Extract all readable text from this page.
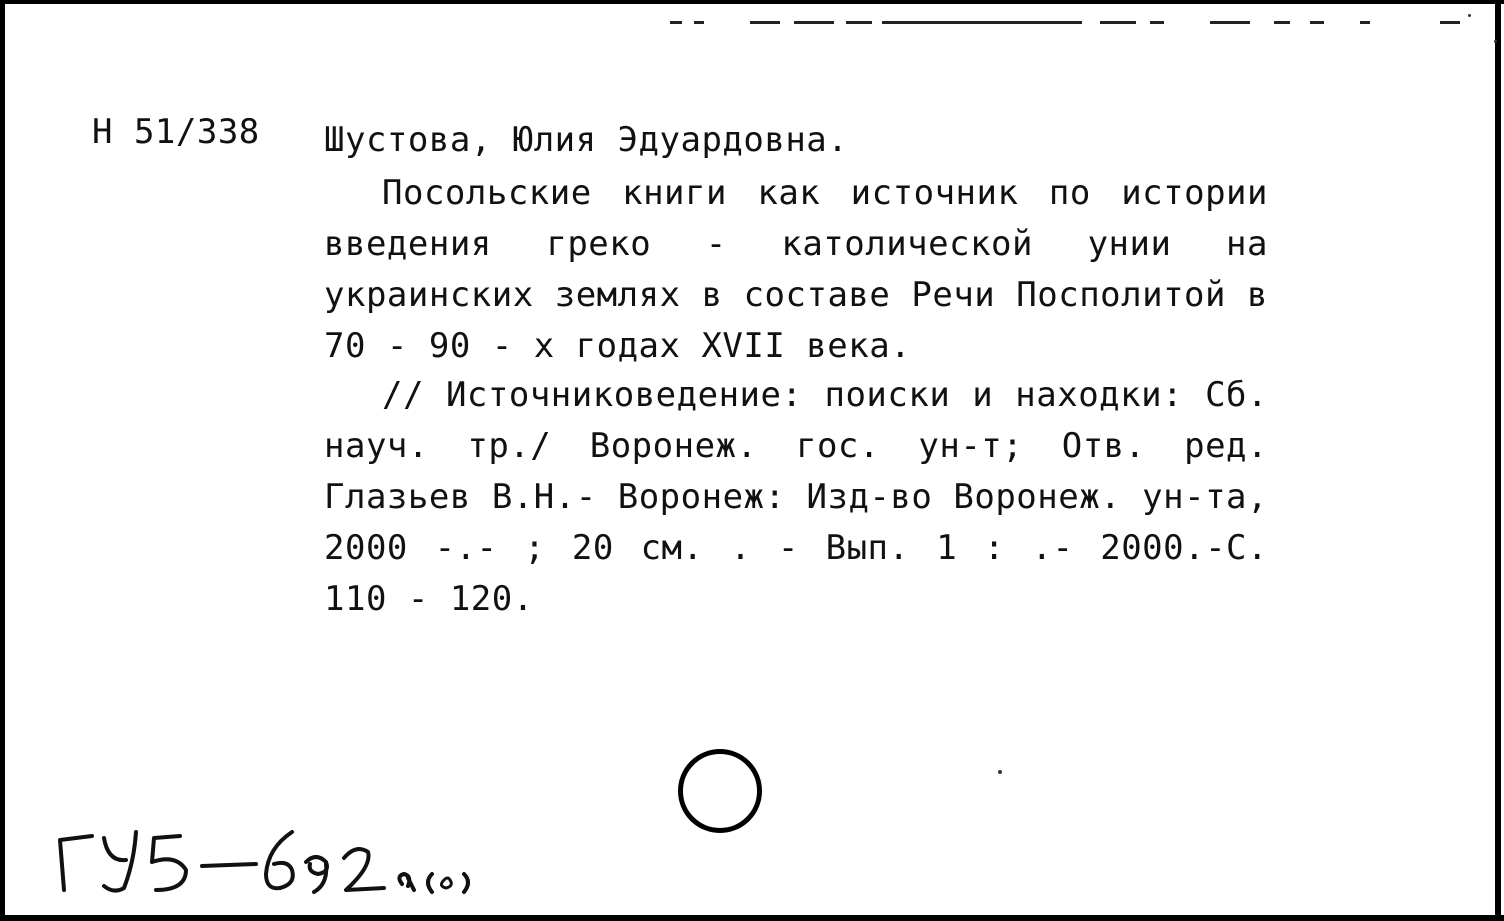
Н 51/338 Шустова, Юлия Эдуардовна.
Посольские книги как источник по истории введения греко - католической унии на украинских землях в составе Речи Посполитой в 70 - 90 - х годах XVII века.
// Источниковедение: поиски и находки: Сб. науч. тр./ Воронеж. гос. ун-т; Отв. ред. Глазьев В.Н.- Воронеж: Изд-во Воронеж. ун-та, 2000 -.- ; 20 см. . - Вып. 1 : .- 2000.-С. 110 - 120.
